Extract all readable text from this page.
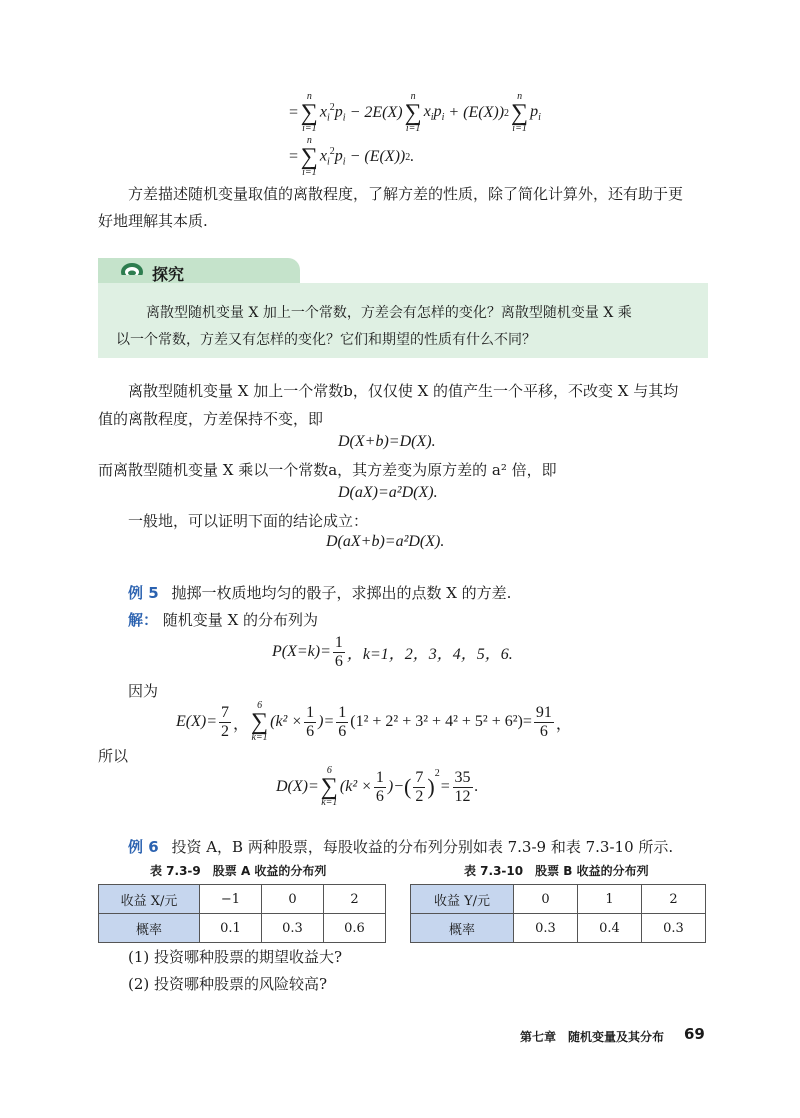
=
n
∑
i=1
$x_i^2p_i - 2E(X)$
n
∑
i=1
$x_ip_i + (E(X))$ 2
n
∑
i=1
$p_i$
=
n
∑
i=1
$x_i^2p_i - (E(X))$ 2 .
方差描述随机变量取值的离散程度，了解方差的性质，除了简化计算外，还有助于更
好地理解其本质.
探究
离散型随机变量 X 加上一个常数，方差会有怎样的变化？离散型随机变量 X 乘
以一个常数，方差又有怎样的变化？它们和期望的性质有什么不同？
离散型随机变量 X 加上一个常数b，仅仅使 X 的值产生一个平移，不改变 X 与其均
值的离散程度，方差保持不变，即
D(X+b)=D(X).
而离散型随机变量 X 乘以一个常数a，其方差变为原方差的 a² 倍，即
D(aX)=a²D(X).
一般地，可以证明下面的结论成立：
D(aX+b)=a²D(X).
例 5 抛掷一枚质地均匀的骰子，求掷出的点数 X 的方差.
解： 随机变量 X 的分布列为
$P(X=k)= \frac{1}{6}$ ，k=1，2，3，4，5，6.
因为
$E(X)= \frac{7}{2}$ ，
6
∑
k=1
($k^2 \times \frac{1}{6}$ )= $\frac{1}{6} (1^2 + 2^2 + 3^2 + 4^2 + 5^2 + 6^2)= \frac{91}{6}$ ，
所以
D(X)=
6
∑
k=1
($k^2 \times \frac{1}{6}$ )− ( $\frac{7}{2}$ )
$^2$
= $\frac{35}{12}$ .
例 6 投资 A，B 两种股票，每股收益的分布列分别如表 7.3-9 和表 7.3-10 所示.
表 7.3-9　股票 A 收益的分布列	表 7.3-10　股票 B 收益的分布列
收益 X/元	−1	0	2
概率	0.1	0.3	0.6
收益 Y/元	0	1	2
概率	0.3	0.4	0.3
(1) 投资哪种股票的期望收益大?
(2) 投资哪种股票的风险较高?
第七章　随机变量及其分布 69
